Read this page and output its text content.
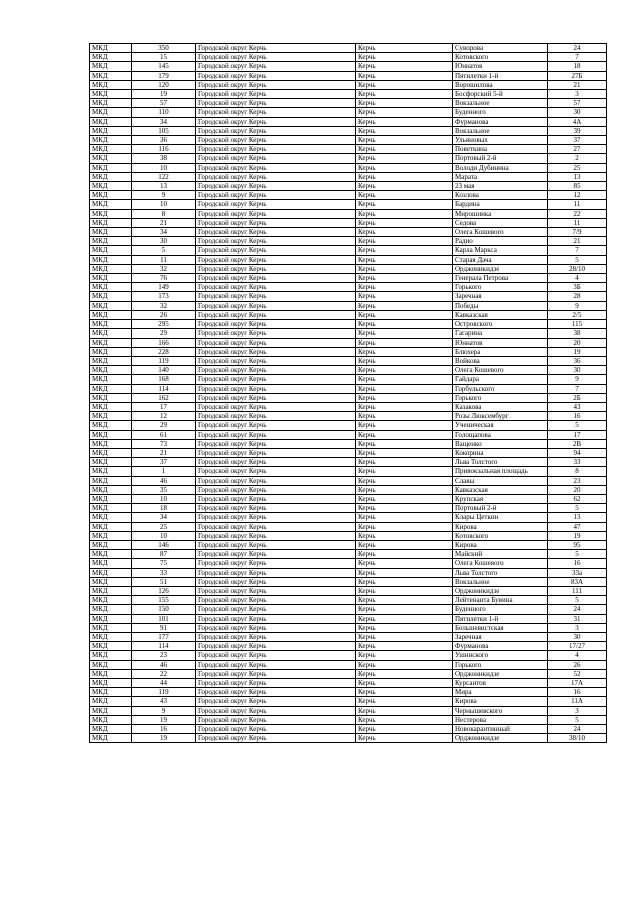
МКД	350	Городской округ Керчь	Керчь	Суворова	24
МКД	15	Городской округ Керчь	Керчь	Котовского	7
МКД	145	Городской округ Керчь	Керчь	Юннатов	18
МКД	179	Городской округ Керчь	Керчь	Пятилетки 1-й	27Б
МКД	120	Городской округ Керчь	Керчь	Ворошилова	21
МКД	19	Городской округ Керчь	Керчь	Босфорский 5-й	3
МКД	57	Городской округ Керчь	Керчь	Вокзальное	57
МКД	110	Городской округ Керчь	Керчь	Буденного	30
МКД	34	Городской округ Керчь	Керчь	Фурманова	4А
МКД	105	Городской округ Керчь	Керчь	Вокзальное	39
МКД	36	Городской округ Керчь	Керчь	Ульяновых	37
МКД	116	Городской округ Керчь	Керчь	Поветкина	27
МКД	38	Городской округ Керчь	Керчь	Портовый 2-й	2
МКД	10	Городской округ Керчь	Керчь	Володи Дубинина	25
МКД	122	Городской округ Керчь	Керчь	Марата	13
МКД	13	Городской округ Керчь	Керчь	23 мая	85
МКД	9	Городской округ Керчь	Керчь	Козлова	12
МКД	10	Городской округ Керчь	Керчь	Бардина	11
МКД	8	Городской округ Керчь	Керчь	Мирошника	22
МКД	21	Городской округ Керчь	Керчь	Седова	11
МКД	34	Городской округ Керчь	Керчь	Олега Кошевого	7/9
МКД	30	Городской округ Керчь	Керчь	Радио	21
МКД	5	Городской округ Керчь	Керчь	Карла Маркса	7
МКД	11	Городской округ Керчь	Керчь	Старая Дача	5
МКД	32	Городской округ Керчь	Керчь	Орджоникидзе	28/10
МКД	76	Городской округ Керчь	Керчь	Генерала Петрова	4
МКД	149	Городской округ Керчь	Керчь	Горького	3Б
МКД	173	Городской округ Керчь	Керчь	Заречная	28
МКД	32	Городской округ Керчь	Керчь	Победы	9
МКД	26	Городской округ Керчь	Керчь	Кавказская	2/5
МКД	295	Городской округ Керчь	Керчь	Островского	115
МКД	29	Городской округ Керчь	Керчь	Гагарина	38
МКД	166	Городской округ Керчь	Керчь	Юннатов	20
МКД	228	Городской округ Керчь	Керчь	Блюхера	19
МКД	119	Городской округ Керчь	Керчь	Войкова	36
МКД	140	Городской округ Керчь	Керчь	Олега Кошевого	30
МКД	168	Городской округ Керчь	Керчь	Гайдара	9
МКД	114	Городской округ Керчь	Керчь	Горбульского	7
МКД	162	Городской округ Керчь	Керчь	Горького	2Б
МКД	17	Городской округ Керчь	Керчь	Казакова	43
МКД	12	Городской округ Керчь	Керчь	Розы Люксембург	16
МКД	29	Городской округ Керчь	Керчь	Ученическая	5
МКД	61	Городской округ Керчь	Керчь	Голощапова	17
МКД	73	Городской округ Керчь	Керчь	Ващенко	2В
МКД	21	Городской округ Керчь	Керчь	Кокорина	94
МКД	37	Городской округ Керчь	Керчь	Льва Толстого	33
МКД	1	Городской округ Керчь	Керчь	Привокзальная площадь	8
МКД	46	Городской округ Керчь	Керчь	Славы	23
МКД	35	Городской округ Керчь	Керчь	Кавказская	20
МКД	10	Городской округ Керчь	Керчь	Крупская	62
МКД	18	Городской округ Керчь	Керчь	Портовый 2-й	5
МКД	34	Городской округ Керчь	Керчь	Клары Цеткин	13
МКД	25	Городской округ Керчь	Керчь	Кирова	47
МКД	10	Городской округ Керчь	Керчь	Котовского	19
МКД	146	Городской округ Керчь	Керчь	Кирова	95
МКД	87	Городской округ Керчь	Керчь	Майский	5
МКД	75	Городской округ Керчь	Керчь	Олега Кошевого	16
МКД	33	Городской округ Керчь	Керчь	Льва Толстого	33а
МКД	51	Городской округ Керчь	Керчь	Вокзальное	83А
МКД	126	Городской округ Керчь	Керчь	Орджоникидзе	111
МКД	155	Городской округ Керчь	Керчь	Лейтенанта Бувина	5
МКД	150	Городской округ Керчь	Керчь	Буденного	24
МКД	101	Городской округ Керчь	Керчь	Пятилетки 1-й	31
МКД	91	Городской округ Керчь	Керчь	Большевистская	3
МКД	177	Городской округ Керчь	Керчь	Заречная	30
МКД	114	Городской округ Керчь	Керчь	Фурманова	17/27
МКД	23	Городской округ Керчь	Керчь	Ушинского	4
МКД	46	Городской округ Керчь	Керчь	Горького	26
МКД	22	Городской округ Керчь	Керчь	Орджоникидзе	52
МКД	44	Городской округ Керчь	Керчь	Курсантов	17А
МКД	119	Городской округ Керчь	Керчь	Мира	16
МКД	43	Городской округ Керчь	Керчь	Кирова	11А
МКД	9	Городской округ Керчь	Керчь	Чернышевского	3
МКД	19	Городской округ Керчь	Керчь	Нестерова	5
МКД	16	Городской округ Керчь	Керчь	Новокарантинный	24
МКД	19	Городской округ Керчь	Керчь	Орджоникидзе	38/10
